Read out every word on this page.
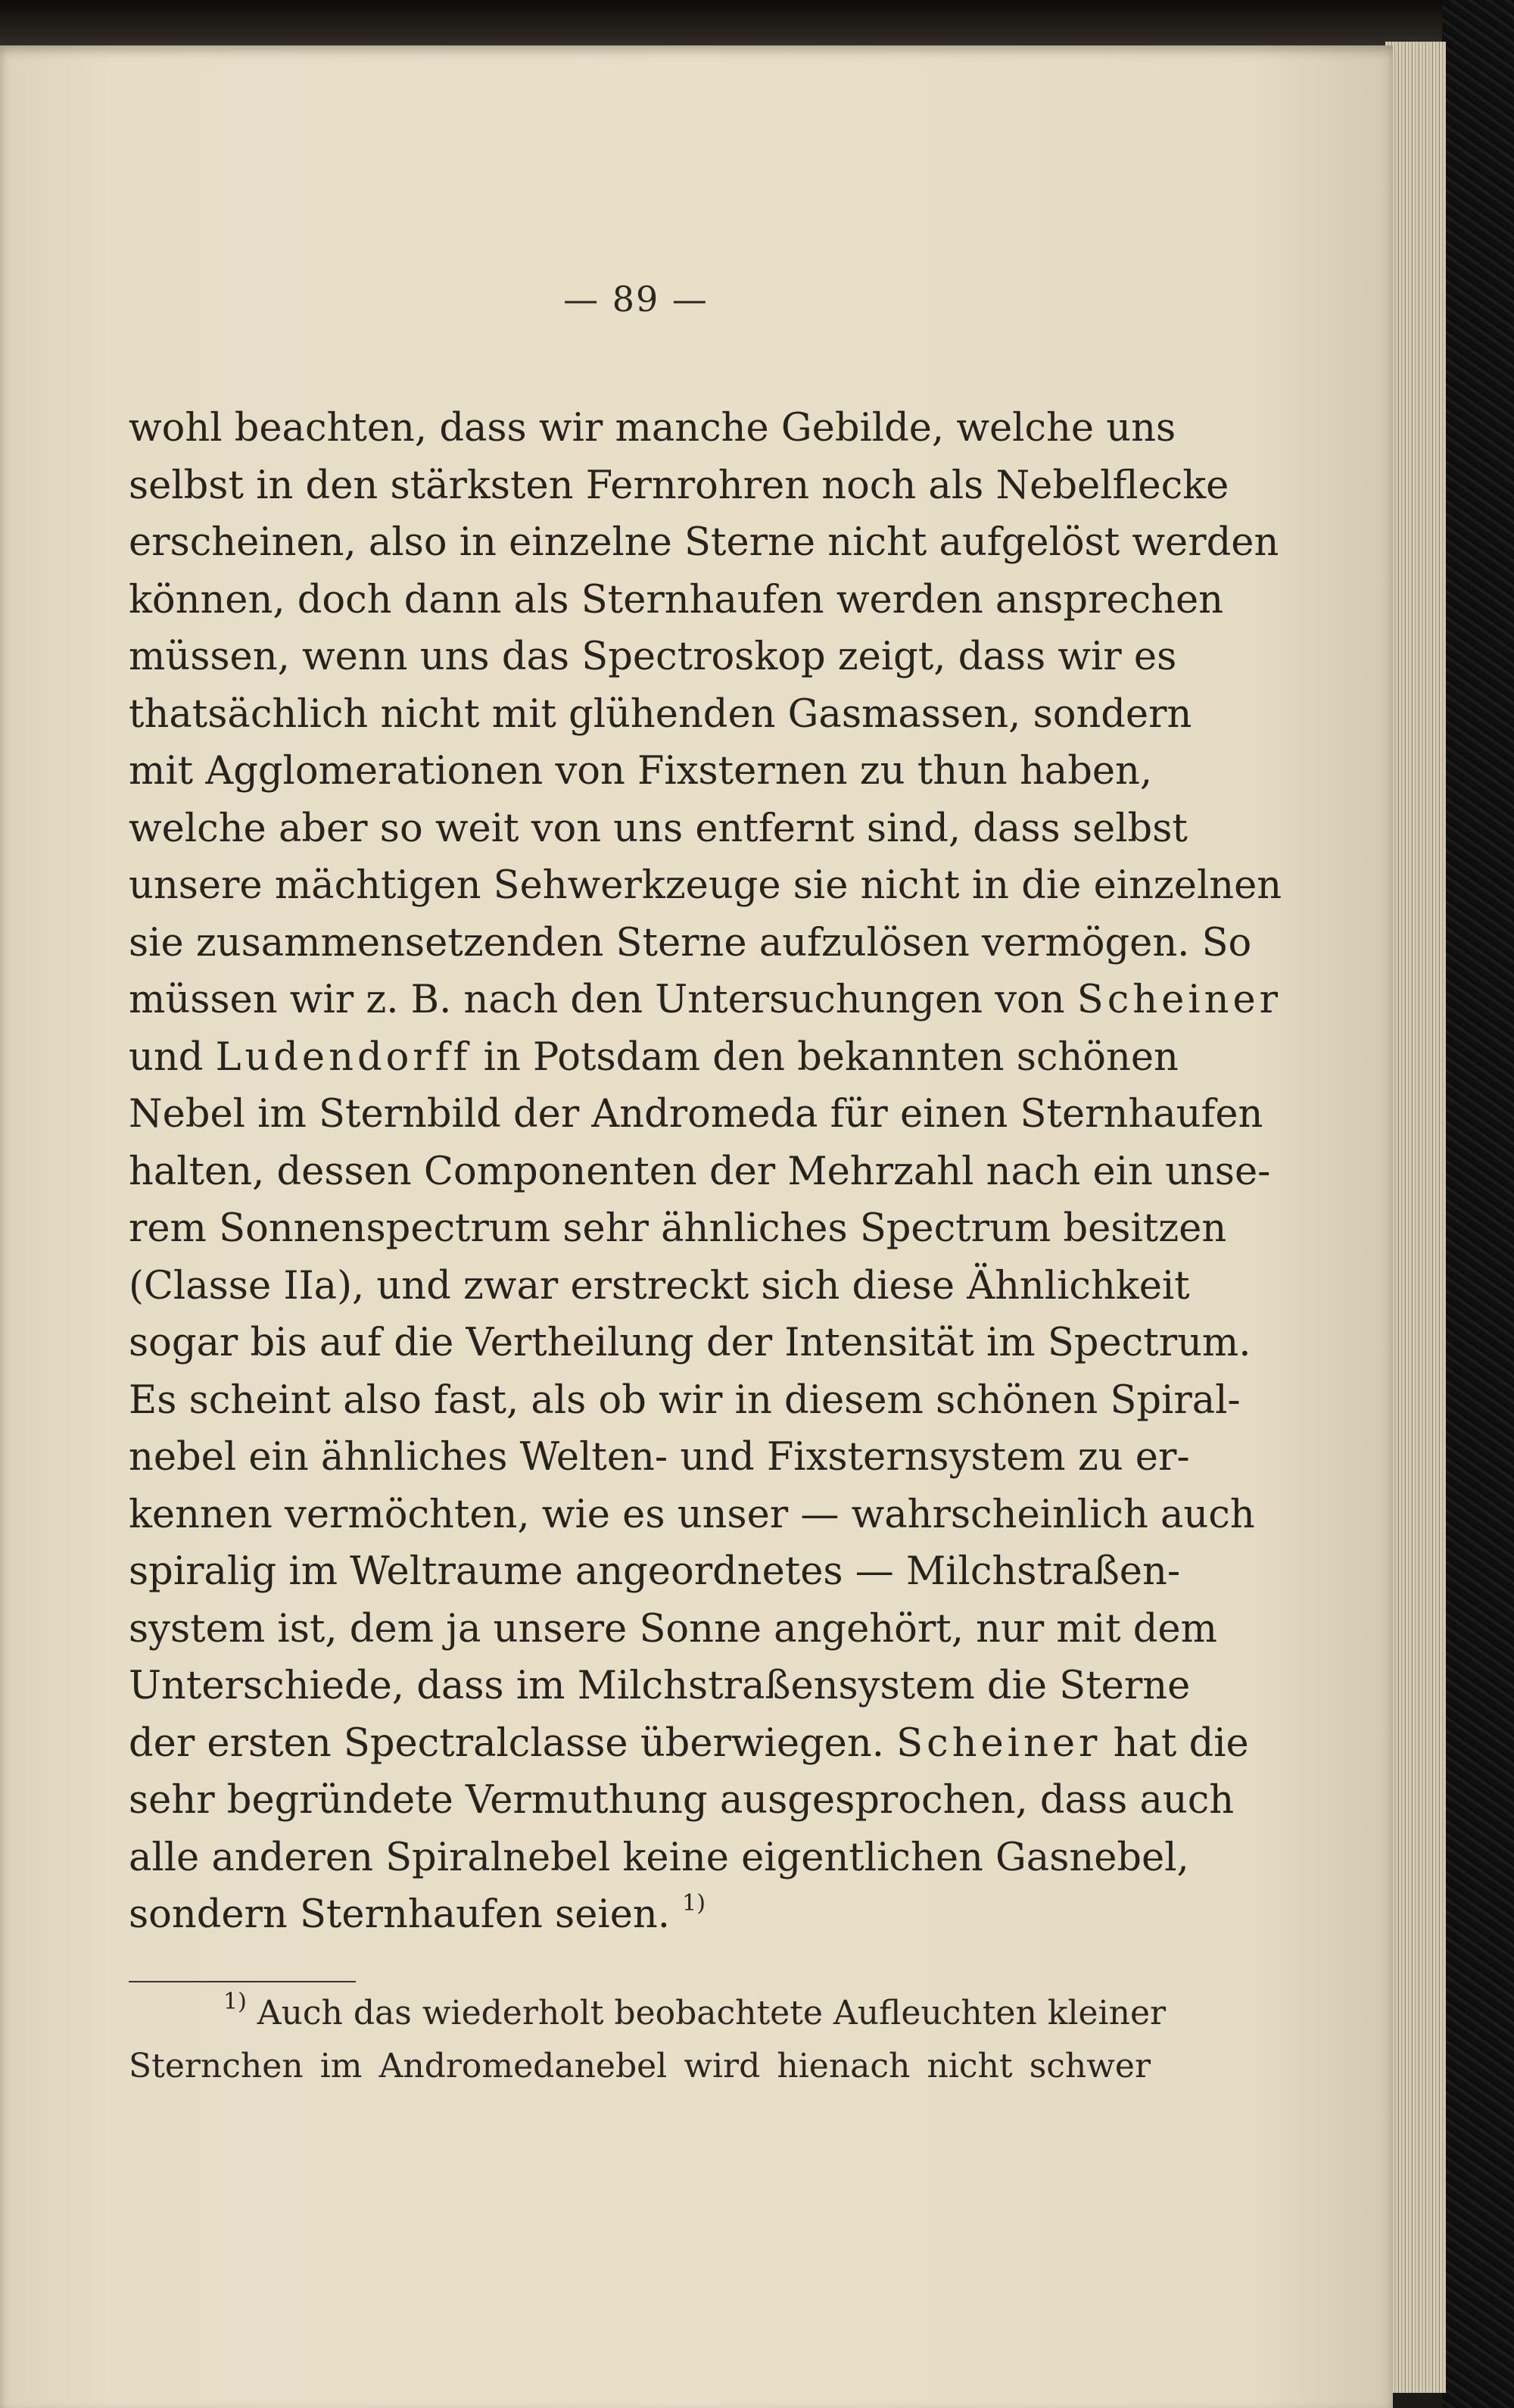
— 89 —
wohl beachten, dass wir manche Gebilde, welche uns
selbst in den stärksten Fernrohren noch als Nebelflecke
erscheinen, also in einzelne Sterne nicht aufgelöst werden
können, doch dann als Sternhaufen werden ansprechen
müssen, wenn uns das Spectroskop zeigt, dass wir es
thatsächlich nicht mit glühenden Gasmassen, sondern
mit Agglomerationen von Fixsternen zu thun haben,
welche aber so weit von uns entfernt sind, dass selbst
unsere mächtigen Sehwerkzeuge sie nicht in die einzelnen
sie zusammensetzenden Sterne aufzulösen vermögen. So
müssen wir z. B. nach den Untersuchungen von Scheiner
und Ludendorff in Potsdam den bekannten schönen
Nebel im Sternbild der Andromeda für einen Sternhaufen
halten, dessen Componenten der Mehrzahl nach ein unse-
rem Sonnenspectrum sehr ähnliches Spectrum besitzen
(Classe IIa), und zwar erstreckt sich diese Ähnlichkeit
sogar bis auf die Vertheilung der Intensität im Spectrum.
Es scheint also fast, als ob wir in diesem schönen Spiral-
nebel ein ähnliches Welten- und Fixsternsystem zu er-
kennen vermöchten, wie es unser — wahrscheinlich auch
spiralig im Weltraume angeordnetes — Milchstraßen-
system ist, dem ja unsere Sonne angehört, nur mit dem
Unterschiede, dass im Milchstraßensystem die Sterne
der ersten Spectralclasse überwiegen. Scheiner hat die
sehr begründete Vermuthung ausgesprochen, dass auch
alle anderen Spiralnebel keine eigentlichen Gasnebel,
sondern Sternhaufen seien. $^{1)}$
$^{1)}$ Auch das wiederholt beobachtete Aufleuchten kleiner
Sternchen im Andromedanebel wird hienach nicht schwer
